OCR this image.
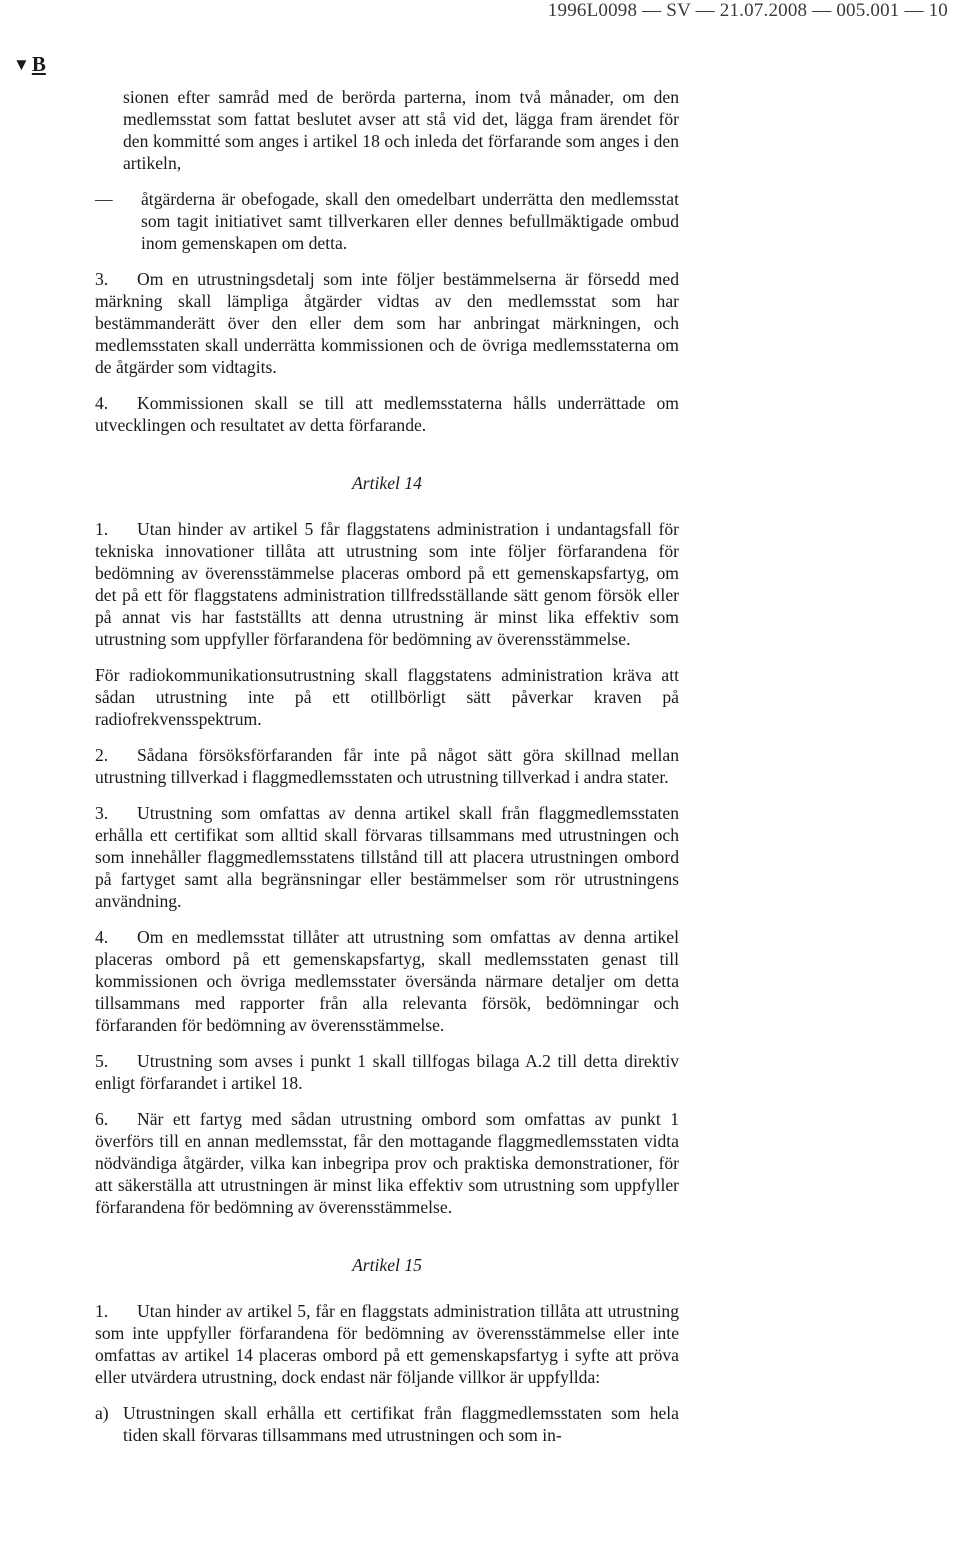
1996L0098 — SV — 21.07.2008 — 005.001 — 10
▼ B

sionen efter samråd med de berörda parterna, inom två månader, om den medlemsstat som fattat beslutet avser att stå vid det, lägga fram ärendet för den kommitté som anges i artikel 18 och inleda det förfarande som anges i den artikeln,

—	åtgärderna är obefogade, skall den omedelbart underrätta den medlemsstat som tagit initiativet samt tillverkaren eller dennes befullmäktigade ombud inom gemenskapen om detta.

3. Om en utrustningsdetalj som inte följer bestämmelserna är försedd med märkning skall lämpliga åtgärder vidtas av den medlemsstat som har bestämmanderätt över den eller dem som har anbringat märkningen, och medlemsstaten skall underrätta kommissionen och de övriga medlemsstaterna om de åtgärder som vidtagits.

4. Kommissionen skall se till att medlemsstaterna hålls underrättade om utvecklingen och resultatet av detta förfarande.

Artikel 14

1. Utan hinder av artikel 5 får flaggstatens administration i undantagsfall för tekniska innovationer tillåta att utrustning som inte följer förfarandena för bedömning av överensstämmelse placeras ombord på ett gemenskapsfartyg, om det på ett för flaggstatens administration tillfredsställande sätt genom försök eller på annat vis har fastställts att denna utrustning är minst lika effektiv som utrustning som uppfyller förfarandena för bedömning av överensstämmelse.

För radiokommunikationsutrustning skall flaggstatens administration kräva att sådan utrustning inte på ett otillbörligt sätt påverkar kraven på radiofrekvensspektrum.

2. Sådana försöksförfaranden får inte på något sätt göra skillnad mellan utrustning tillverkad i flaggmedlemsstaten och utrustning tillverkad i andra stater.

3. Utrustning som omfattas av denna artikel skall från flaggmedlemsstaten erhålla ett certifikat som alltid skall förvaras tillsammans med utrustningen och som innehåller flaggmedlemsstatens tillstånd till att placera utrustningen ombord på fartyget samt alla begränsningar eller bestämmelser som rör utrustningens användning.

4. Om en medlemsstat tillåter att utrustning som omfattas av denna artikel placeras ombord på ett gemenskapsfartyg, skall medlemsstaten genast till kommissionen och övriga medlemsstater översända närmare detaljer om detta tillsammans med rapporter från alla relevanta försök, bedömningar och förfaranden för bedömning av överensstämmelse.

5. Utrustning som avses i punkt 1 skall tillfogas bilaga A.2 till detta direktiv enligt förfarandet i artikel 18.

6. När ett fartyg med sådan utrustning ombord som omfattas av punkt 1 överförs till en annan medlemsstat, får den mottagande flaggmedlemsstaten vidta nödvändiga åtgärder, vilka kan inbegripa prov och praktiska demonstrationer, för att säkerställa att utrustningen är minst lika effektiv som utrustning som uppfyller förfarandena för bedömning av överensstämmelse.

Artikel 15

1. Utan hinder av artikel 5, får en flaggstats administration tillåta att utrustning som inte uppfyller förfarandena för bedömning av överensstämmelse eller inte omfattas av artikel 14 placeras ombord på ett gemenskapsfartyg i syfte att pröva eller utvärdera utrustning, dock endast när följande villkor är uppfyllda:

a) Utrustningen skall erhålla ett certifikat från flaggmedlemsstaten som hela tiden skall förvaras tillsammans med utrustningen och som in-
